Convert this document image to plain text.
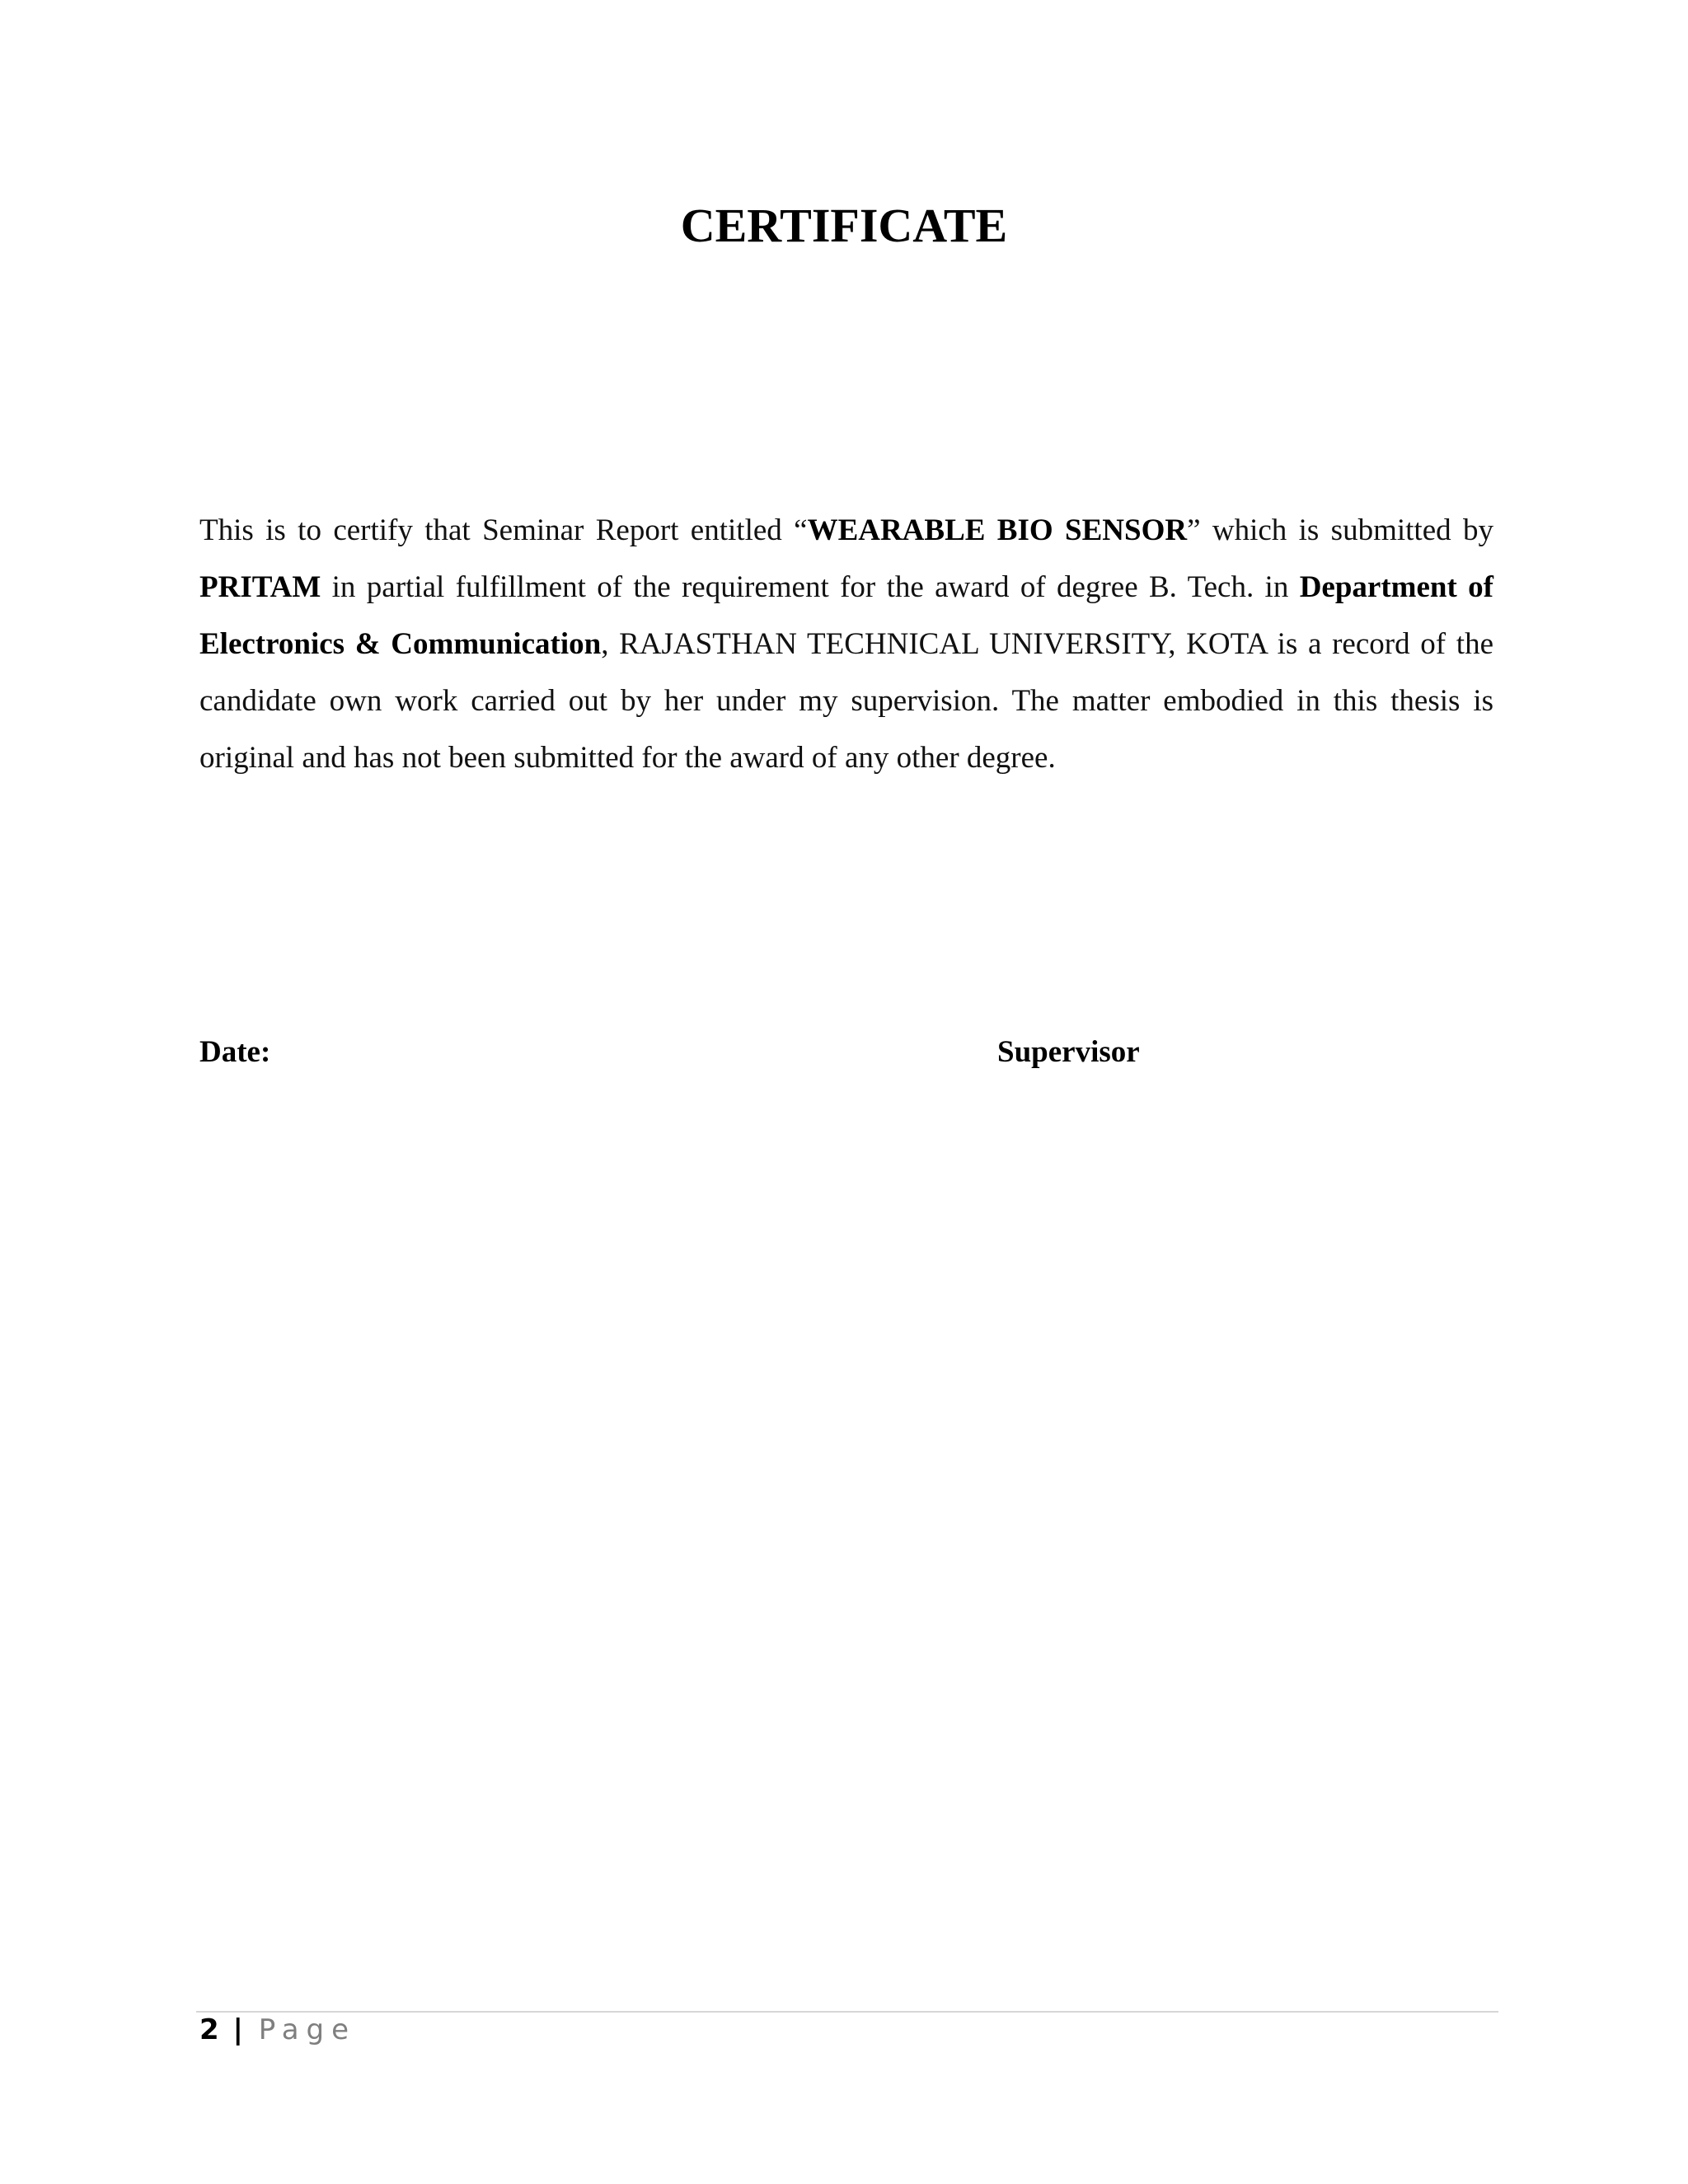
CERTIFICATE

This is to certify that Seminar Report entitled “WEARABLE BIO SENSOR” which is submitted by PRITAM in partial fulfillment of the requirement for the award of degree B. Tech. in Department of Electronics & Communication, RAJASTHAN TECHNICAL UNIVERSITY, KOTA is a record of the candidate own work carried out by her under my supervision. The matter embodied in this thesis is original and has not been submitted for the award of any other degree.

Date:	Supervisor
2 | Page
